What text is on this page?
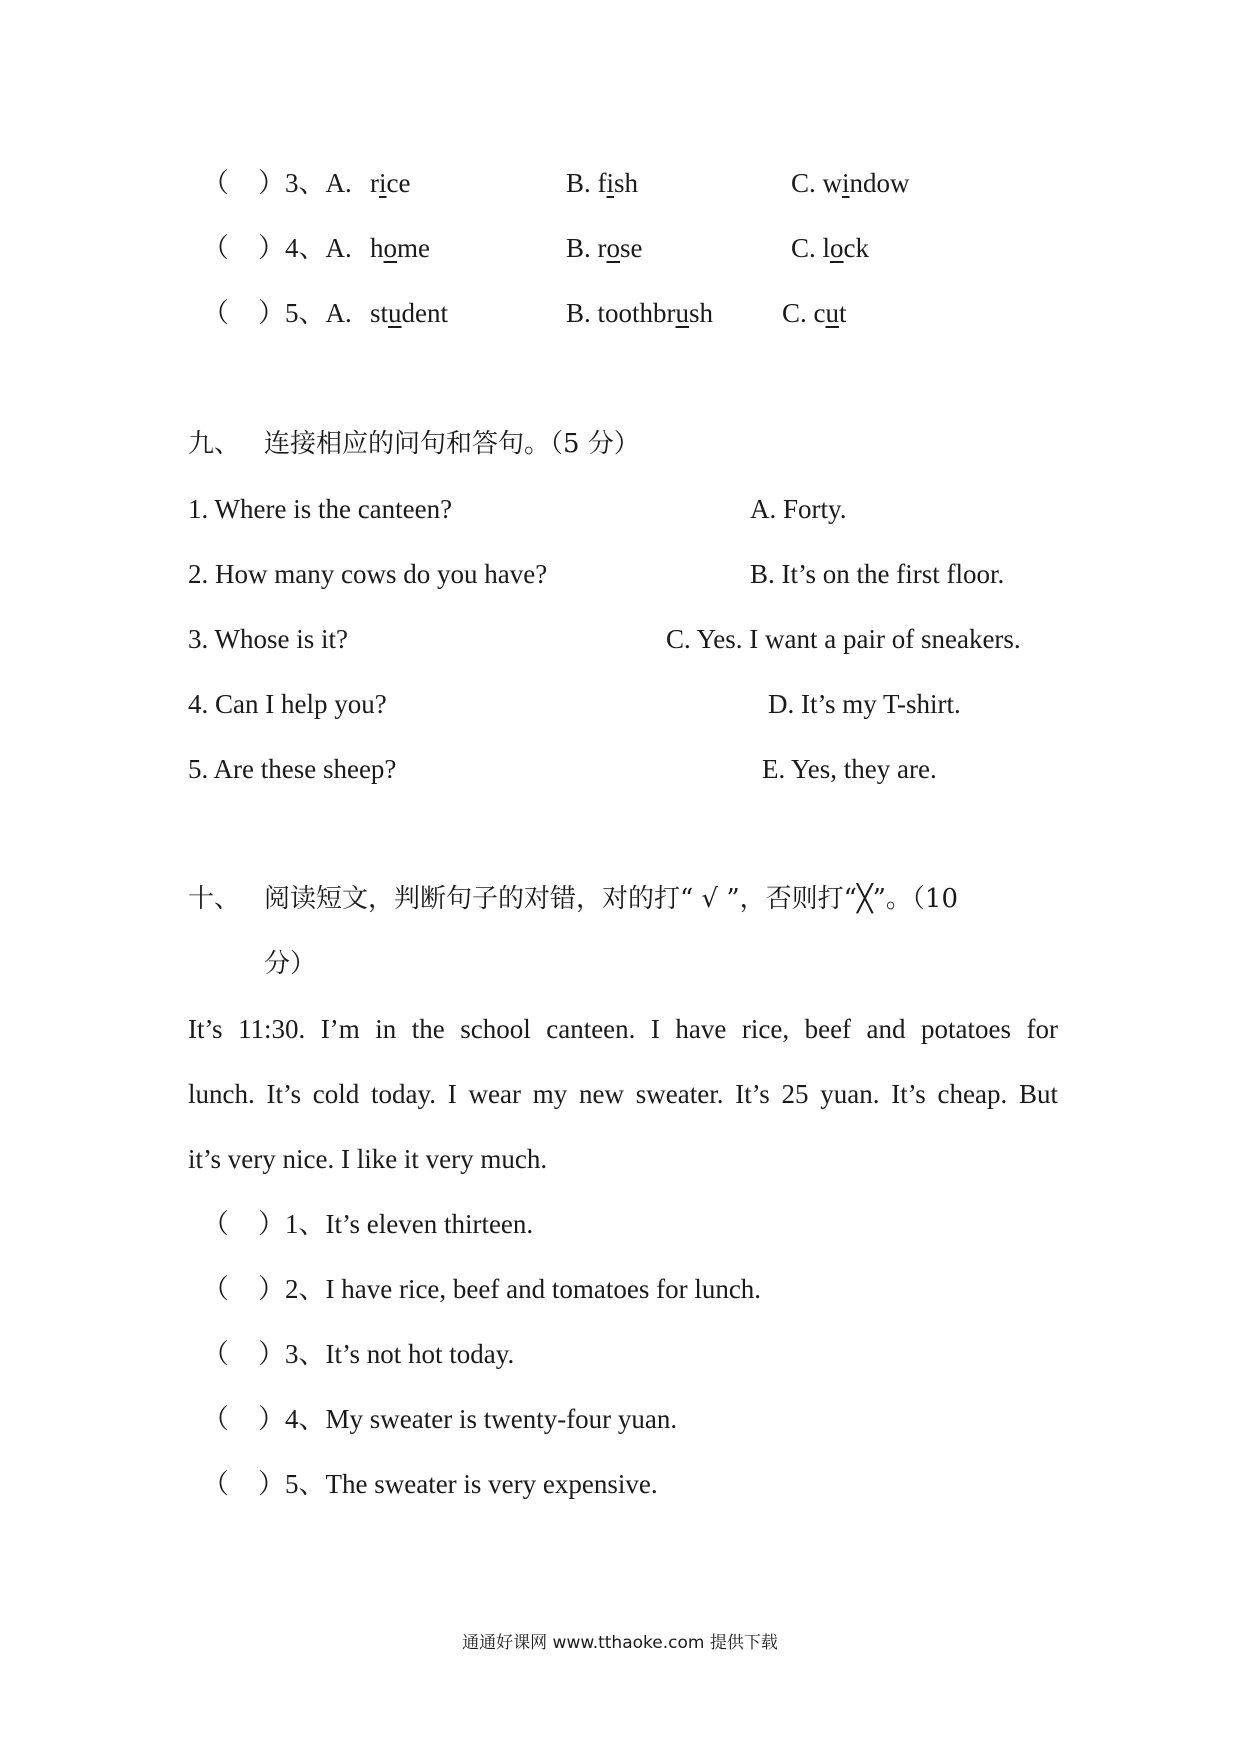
（ ）3、A. rice	B. fish	C. window
（ ）4、A. home	B. rose	C. lock
（ ）5、A. student	B. toothbrush	C. cut
九、 连接相应的问句和答句。（5 分）
1. Where is the canteen?	A. Forty.
2. How many cows do you have?	B. It’s on the first floor.
3. Whose is it?	C. Yes. I want a pair of sneakers.
4. Can I help you?	D. It’s my T-shirt.
5. Are these sheep?	E. Yes, they are.
十、 阅读短文，判断句子的对错，对的打“ √ ”，否则打“╳”。（10
分）
It’s 11:30. I’m in the school canteen. I have rice, beef and potatoes for
lunch. It’s cold today. I wear my new sweater. It’s 25 yuan. It’s cheap. But
it’s very nice. I like it very much.
（ ）1、It’s eleven thirteen.
（ ）2、I have rice, beef and tomatoes for lunch.
（ ）3、It’s not hot today.
（ ）4、My sweater is twenty-four yuan.
（ ）5、The sweater is very expensive.
通通好课网 www.tthaoke.com 提供下载
